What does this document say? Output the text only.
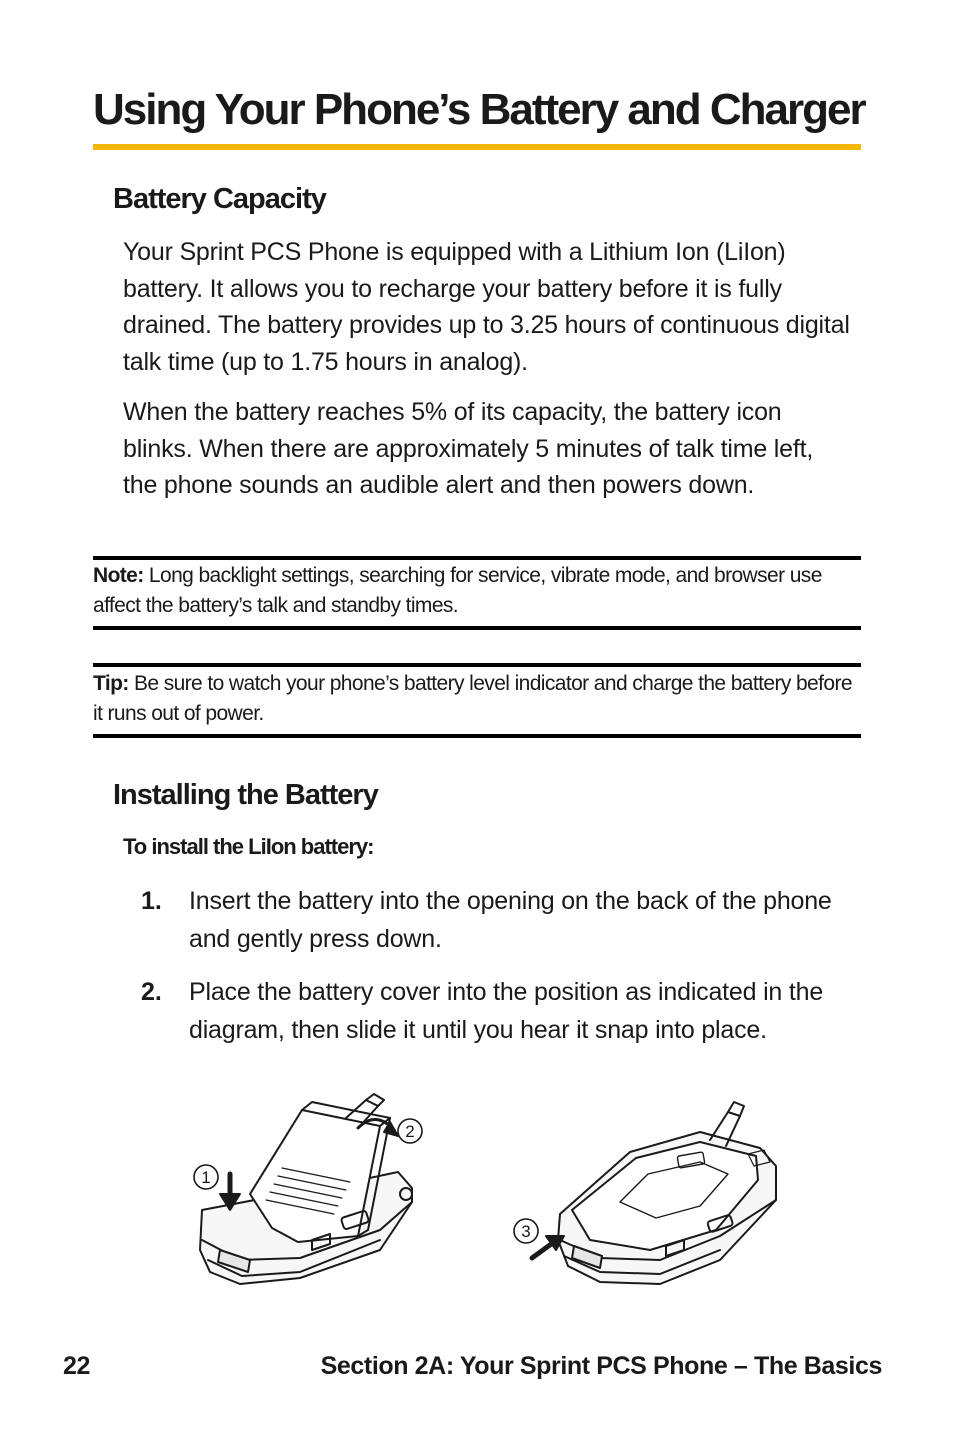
Using Your Phone’s Battery and Charger
Battery Capacity
Your Sprint PCS Phone is equipped with a Lithium Ion (LiIon) battery. It allows you to recharge your battery before it is fully drained. The battery provides up to 3.25 hours of continuous digital talk time (up to 1.75 hours in analog).
When the battery reaches 5% of its capacity, the battery icon blinks. When there are approximately 5 minutes of talk time left, the phone sounds an audible alert and then powers down.
Note: Long backlight settings, searching for service, vibrate mode, and browser use affect the battery’s talk and standby times.
Tip: Be sure to watch your phone’s battery level indicator and charge the battery before it runs out of power.
Installing the Battery
To install the LiIon battery:
1. Insert the battery into the opening on the back of the phone and gently press down.
2. Place the battery cover into the position as indicated in the diagram, then slide it until you hear it snap into place.
1
2
3
22	Section 2A: Your Sprint PCS Phone – The Basics
